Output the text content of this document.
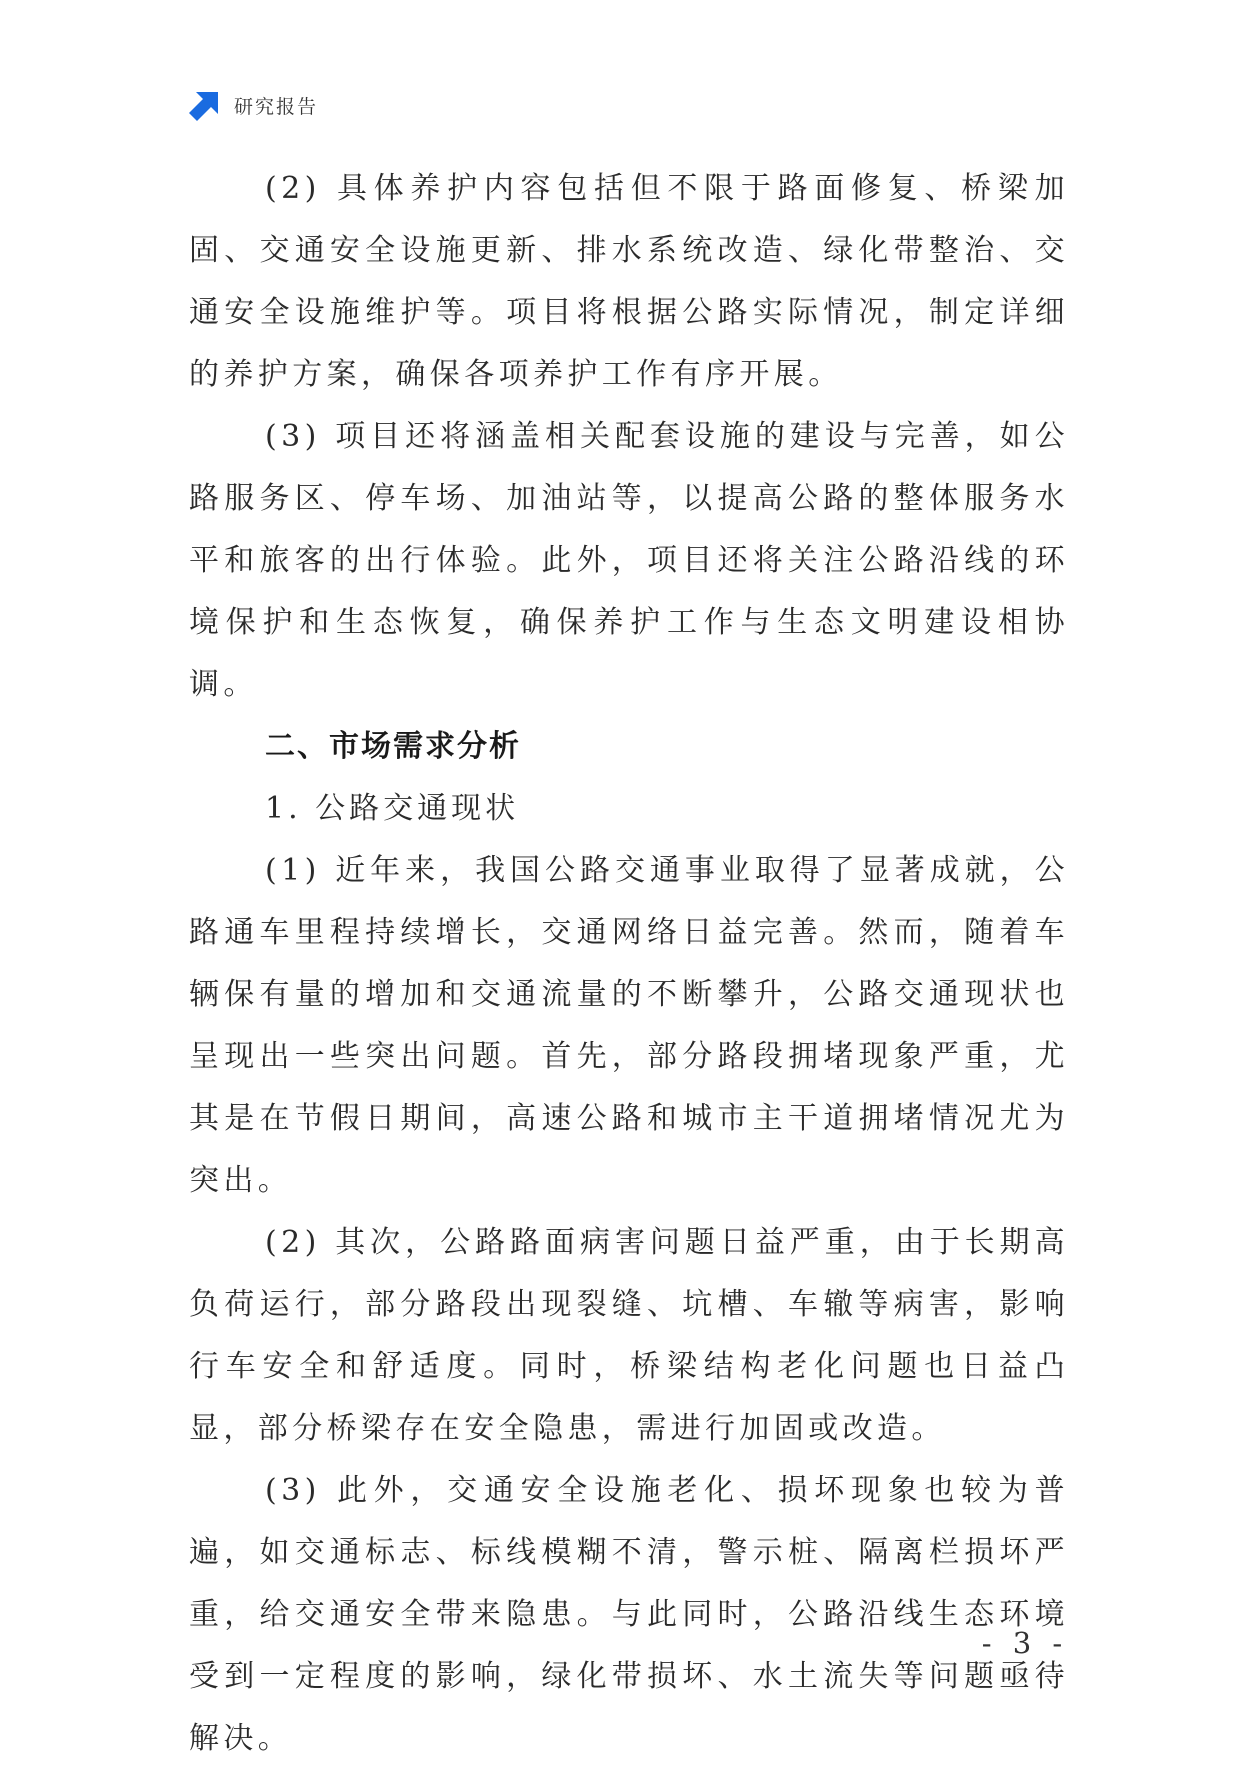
研究报告

(2) 具体养护内容包括但不限于路面修复、桥梁加固、交通安全设施更新、排水系统改造、绿化带整治、交通安全设施维护等。项目将根据公路实际情况，制定详细的养护方案，确保各项养护工作有序开展。

(3) 项目还将涵盖相关配套设施的建设与完善，如公路服务区、停车场、加油站等，以提高公路的整体服务水平和旅客的出行体验。此外，项目还将关注公路沿线的环境保护和生态恢复，确保养护工作与生态文明建设相协调。

二、市场需求分析

1. 公路交通现状

(1) 近年来，我国公路交通事业取得了显著成就，公路通车里程持续增长，交通网络日益完善。然而，随着车辆保有量的增加和交通流量的不断攀升，公路交通现状也呈现出一些突出问题。首先，部分路段拥堵现象严重，尤其是在节假日期间，高速公路和城市主干道拥堵情况尤为突出。

(2) 其次，公路路面病害问题日益严重，由于长期高负荷运行，部分路段出现裂缝、坑槽、车辙等病害，影响行车安全和舒适度。同时，桥梁结构老化问题也日益凸显，部分桥梁存在安全隐患，需进行加固或改造。

(3) 此外，交通安全设施老化、损坏现象也较为普遍，如交通标志、标线模糊不清，警示桩、隔离栏损坏严重，给交通安全带来隐患。与此同时，公路沿线生态环境受到一定程度的影响，绿化带损坏、水土流失等问题亟待解决。

- 3 -
